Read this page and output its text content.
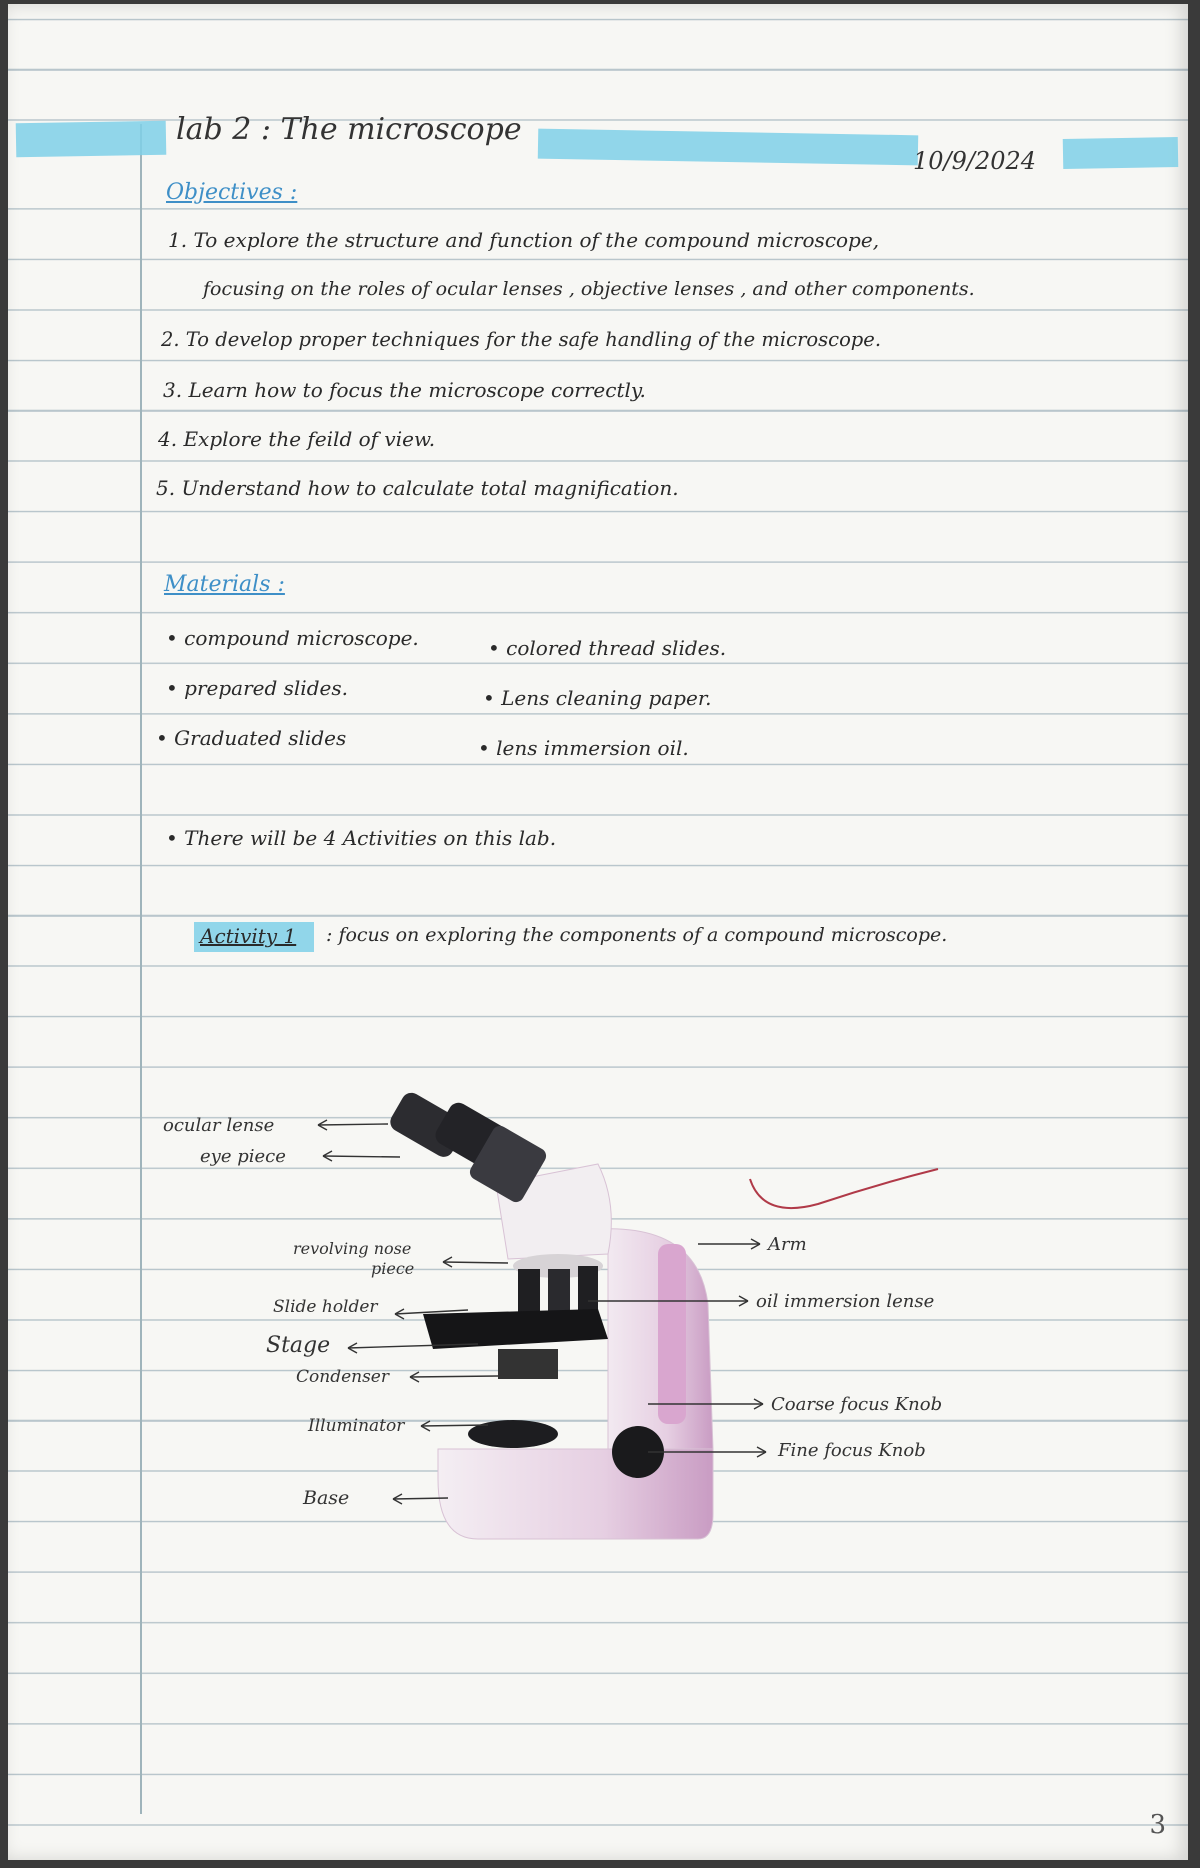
lab 2 : The microscope
10/9/2024
Objectives :
1. To explore the structure and function of the compound microscope,
focusing on the roles of ocular lenses , objective lenses , and other components.
2. To develop proper techniques for the safe handling of the microscope.
3. Learn how to focus the microscope correctly.
4. Explore the feild of view.
5. Understand how to calculate total magnification.
Materials :
• compound microscope.
• prepared slides.
• Graduated slides
• colored thread slides.
• Lens cleaning paper.
• lens immersion oil.
• There will be 4 Activities on this lab.
Activity 1 : focus on exploring the components of a compound microscope.
ocular lense
eye piece
revolving nose
piece
Slide holder
Stage
Condenser
Illuminator
Base
Arm
oil immersion lense
Coarse focus Knob
Fine focus Knob
3
